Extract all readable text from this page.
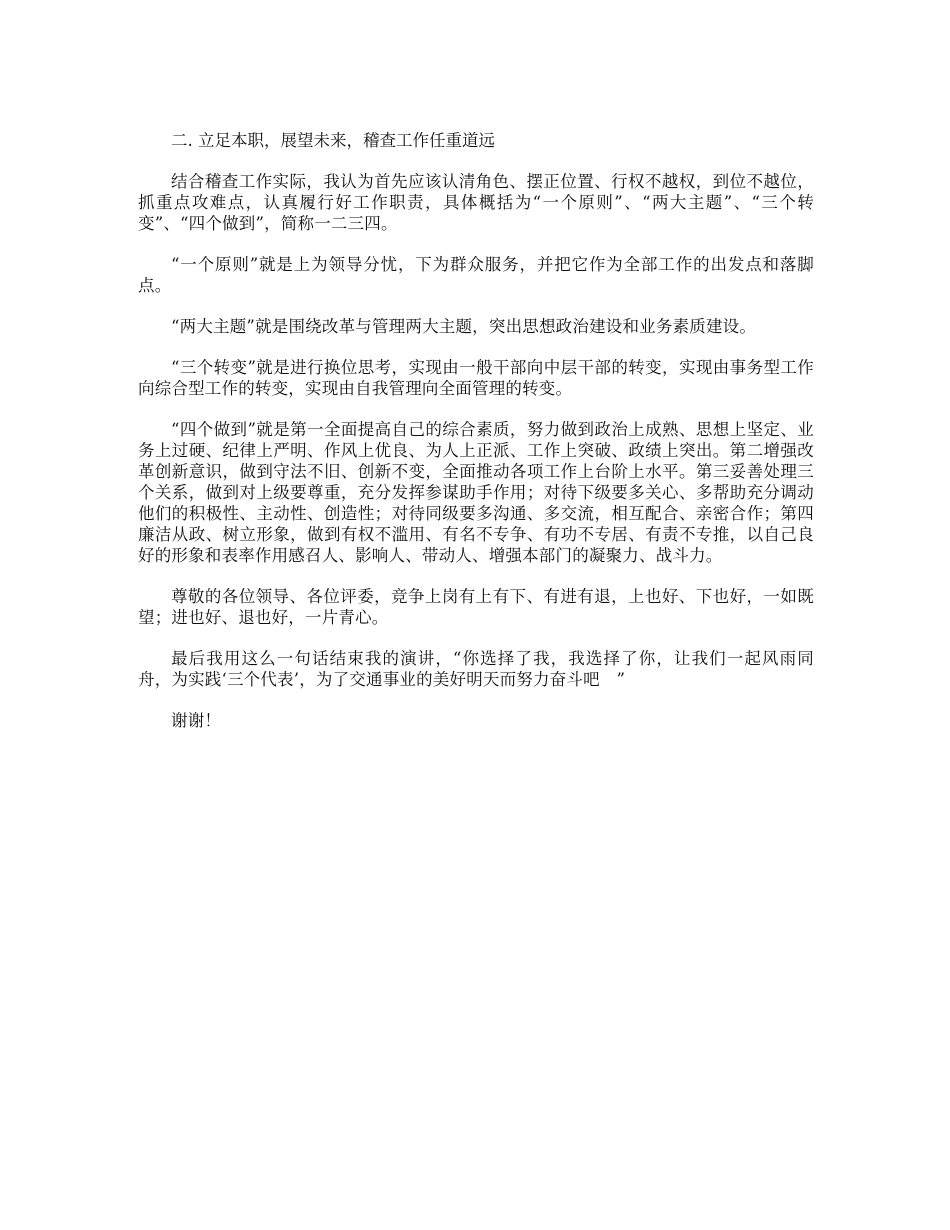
二. 立足本职，展望未来，稽查工作任重道远

结合稽查工作实际，我认为首先应该认清角色、摆正位置、行权不越权，到位不越位，抓重点攻难点，认真履行好工作职责，具体概括为“一个原则”、“两大主题”、“三个转变”、“四个做到”，简称一二三四。

“一个原则”就是上为领导分忧，下为群众服务，并把它作为全部工作的出发点和落脚点。

“两大主题”就是围绕改革与管理两大主题，突出思想政治建设和业务素质建设。

“三个转变”就是进行换位思考，实现由一般干部向中层干部的转变，实现由事务型工作向综合型工作的转变，实现由自我管理向全面管理的转变。

“四个做到”就是第一全面提高自己的综合素质，努力做到政治上成熟、思想上坚定、业务上过硬、纪律上严明、作风上优良、为人上正派、工作上突破、政绩上突出。第二增强改革创新意识，做到守法不旧、创新不变，全面推动各项工作上台阶上水平。第三妥善处理三个关系，做到对上级要尊重，充分发挥参谋助手作用；对待下级要多关心、多帮助充分调动他们的积极性、主动性、创造性；对待同级要多沟通、多交流，相互配合、亲密合作；第四廉洁从政、树立形象，做到有权不滥用、有名不专争、有功不专居、有责不专推，以自己良好的形象和表率作用感召人、影响人、带动人、增强本部门的凝聚力、战斗力。

尊敬的各位领导、各位评委，竞争上岗有上有下、有进有退，上也好、下也好，一如既望；进也好、退也好，一片青心。

最后我用这么一句话结束我的演讲，“你选择了我，我选择了你，让我们一起风雨同舟，为实践‘三个代表’，为了交通事业的美好明天而努力奋斗吧　”

谢谢！
